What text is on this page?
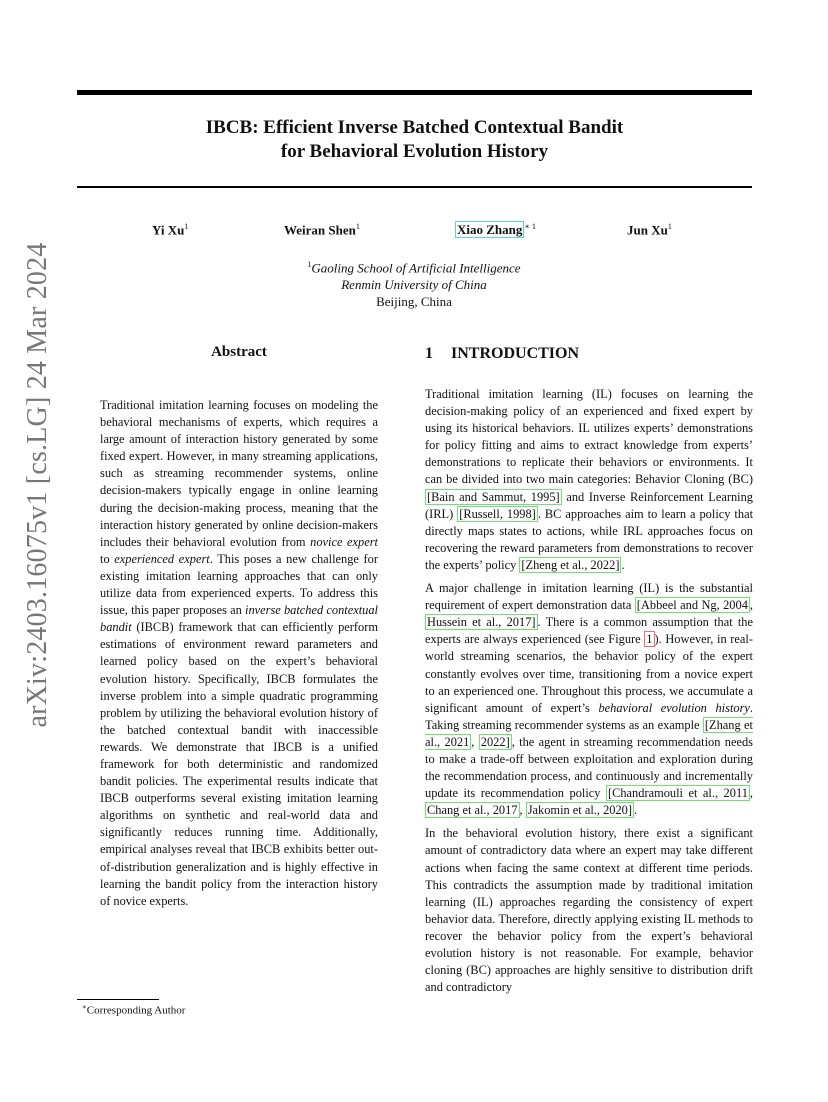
arXiv:2403.16075v1 [cs.LG] 24 Mar 2024
IBCB: Efficient Inverse Batched Contextual Bandit
for Behavioral Evolution History
Yi Xu$^1$	Weiran Shen$^1$	Xiao Zhang $^{∗ 1}$	Jun Xu$^1$
$^1$Gaoling School of Artificial Intelligence
Renmin University of China
Beijing, China
Abstract
Traditional imitation learning focuses on modeling the behavioral mechanisms of experts, which requires a large amount of interaction history generated by some fixed expert. However, in many streaming applications, such as streaming recommender systems, online decision-makers typically engage in online learning during the decision-making process, meaning that the interaction history generated by online decision-makers includes their behavioral evolution from novice expert to experienced expert. This poses a new challenge for existing imitation learning approaches that can only utilize data from experienced experts. To address this issue, this paper proposes an inverse batched contextual bandit (IBCB) framework that can efficiently perform estimations of environment reward parameters and learned policy based on the expert’s behavioral evolution history. Specifically, IBCB formulates the inverse problem into a simple quadratic programming problem by utilizing the behavioral evolution history of the batched contextual bandit with inaccessible rewards. We demonstrate that IBCB is a unified framework for both deterministic and randomized bandit policies. The experimental results indicate that IBCB outperforms several existing imitation learning algorithms on synthetic and real-world data and significantly reduces running time. Additionally, empirical analyses reveal that IBCB exhibits better out-of-distribution generalization and is highly effective in learning the bandit policy from the interaction history of novice experts.
1 INTRODUCTION

Traditional imitation learning (IL) focuses on learning the decision-making policy of an experienced and fixed expert by using its historical behaviors. IL utilizes experts’ demonstrations for policy fitting and aims to extract knowledge from experts’ demonstrations to replicate their behaviors or environments. It can be divided into two main categories: Behavior Cloning (BC) [Bain and Sammut, 1995] and Inverse Reinforcement Learning (IRL) [Russell, 1998] . BC approaches aim to learn a policy that directly maps states to actions, while IRL approaches focus on recovering the reward parameters from demonstrations to recover the experts’ policy [Zheng et al., 2022] .

A major challenge in imitation learning (IL) is the substantial requirement of expert demonstration data [Abbeel and Ng, 2004 , Hussein et al., 2017] . There is a common assumption that the experts are always experienced (see Figure 1 ). However, in real-world streaming scenarios, the behavior policy of the expert constantly evolves over time, transitioning from a novice expert to an experienced one. Throughout this process, we accumulate a significant amount of expert’s behavioral evolution history. Taking streaming recommender systems as an example [Zhang et al., 2021 , 2022] , the agent in streaming recommendation needs to make a trade-off between exploitation and exploration during the recommendation process, and continuously and incrementally update its recommendation policy [Chandramouli et al., 2011 , Chang et al., 2017 , Jakomin et al., 2020] .

In the behavioral evolution history, there exist a significant amount of contradictory data where an expert may take different actions when facing the same context at different time periods. This contradicts the assumption made by traditional imitation learning (IL) approaches regarding the consistency of expert behavior data. Therefore, directly applying existing IL methods to recover the behavior policy from the expert’s behavioral evolution history is not reasonable. For example, behavior cloning (BC) approaches are highly sensitive to distribution drift and contradictory

∗Corresponding Author
